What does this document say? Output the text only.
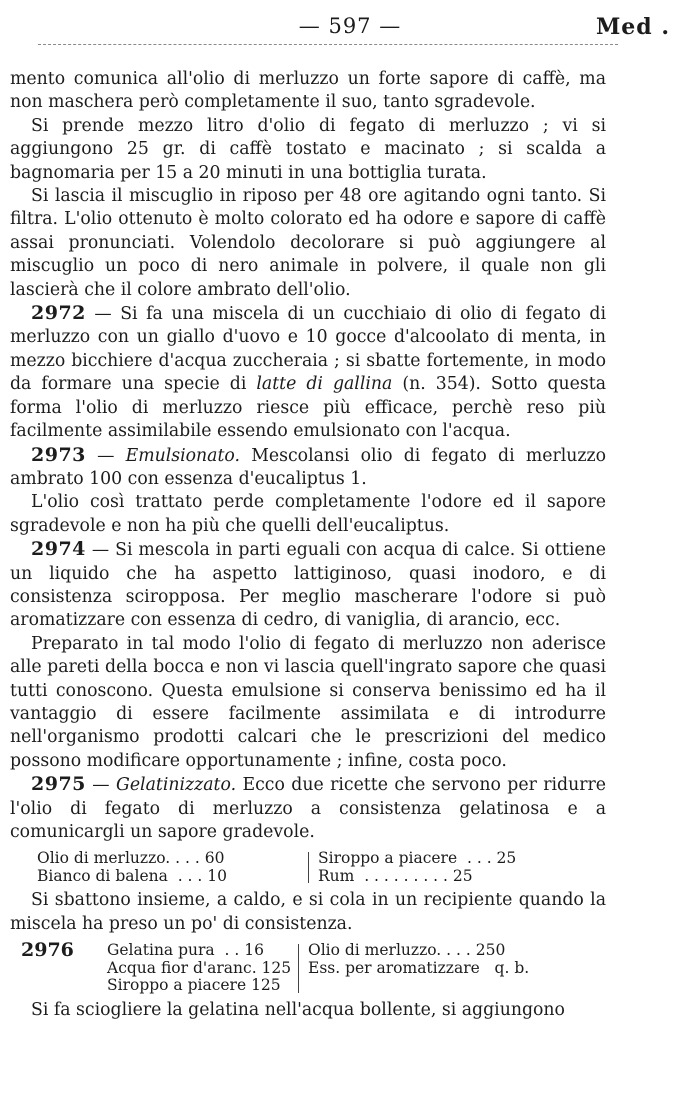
— 597 —	Med .

mento comunica all'olio di merluzzo un forte sapore di caffè, ma non maschera però completamente il suo, tanto sgradevole.

Si prende mezzo litro d'olio di fegato di merluzzo ; vi si aggiungono 25 gr. di caffè tostato e macinato ; si scalda a bagnomaria per 15 a 20 minuti in una bottiglia turata.

Si lascia il miscuglio in riposo per 48 ore agitando ogni tanto. Si filtra. L'olio ottenuto è molto colorato ed ha odore e sapore di caffè assai pronunciati. Volendolo decolorare si può aggiungere al miscuglio un poco di nero animale in polvere, il quale non gli lascierà che il colore ambrato dell'olio.

2972 — Si fa una miscela di un cucchiaio di olio di fegato di merluzzo con un giallo d'uovo e 10 gocce d'alcoolato di menta, in mezzo bicchiere d'acqua zuccheraia ; si sbatte fortemente, in modo da formare una specie di latte di gallina (n. 354). Sotto questa forma l'olio di merluzzo riesce più efficace, perchè reso più facilmente assimilabile essendo emulsionato con l'acqua.

2973 — Emulsionato. Mescolansi olio di fegato di merluzzo ambrato 100 con essenza d'eucaliptus 1.

L'olio così trattato perde completamente l'odore ed il sapore sgradevole e non ha più che quelli dell'eucaliptus.

2974 — Si mescola in parti eguali con acqua di calce. Si ottiene un liquido che ha aspetto lattiginoso, quasi inodoro, e di consistenza sciropposa. Per meglio mascherare l'odore si può aromatizzare con essenza di cedro, di vaniglia, di arancio, ecc.

Preparato in tal modo l'olio di fegato di merluzzo non aderisce alle pareti della bocca e non vi lascia quell'ingrato sapore che quasi tutti conoscono. Questa emulsione si conserva benissimo ed ha il vantaggio di essere facilmente assimilata e di introdurre nell'organismo prodotti calcari che le prescrizioni del medico possono modificare opportunamente ; infine, costa poco.

2975 — Gelatinizzato. Ecco due ricette che servono per ridurre l'olio di fegato di merluzzo a consistenza gelatinosa e a comunicargli un sapore gradevole.

Olio di merluzzo. . . . 60
Bianco di balena  . . . 10
Siroppo a piacere  . . . 25
Rum  . . . . . . . . . 25

Si sbattono insieme, a caldo, e si cola in un recipiente quando la miscela ha preso un po' di consistenza.

2976	Gelatina pura  . . 16
Acqua fior d'aranc. 125
Siroppo a piacere 125
Olio di merluzzo. . . . 250
Ess. per aromatizzare   q. b.

Si fa sciogliere la gelatina nell'acqua bollente, si aggiungono
